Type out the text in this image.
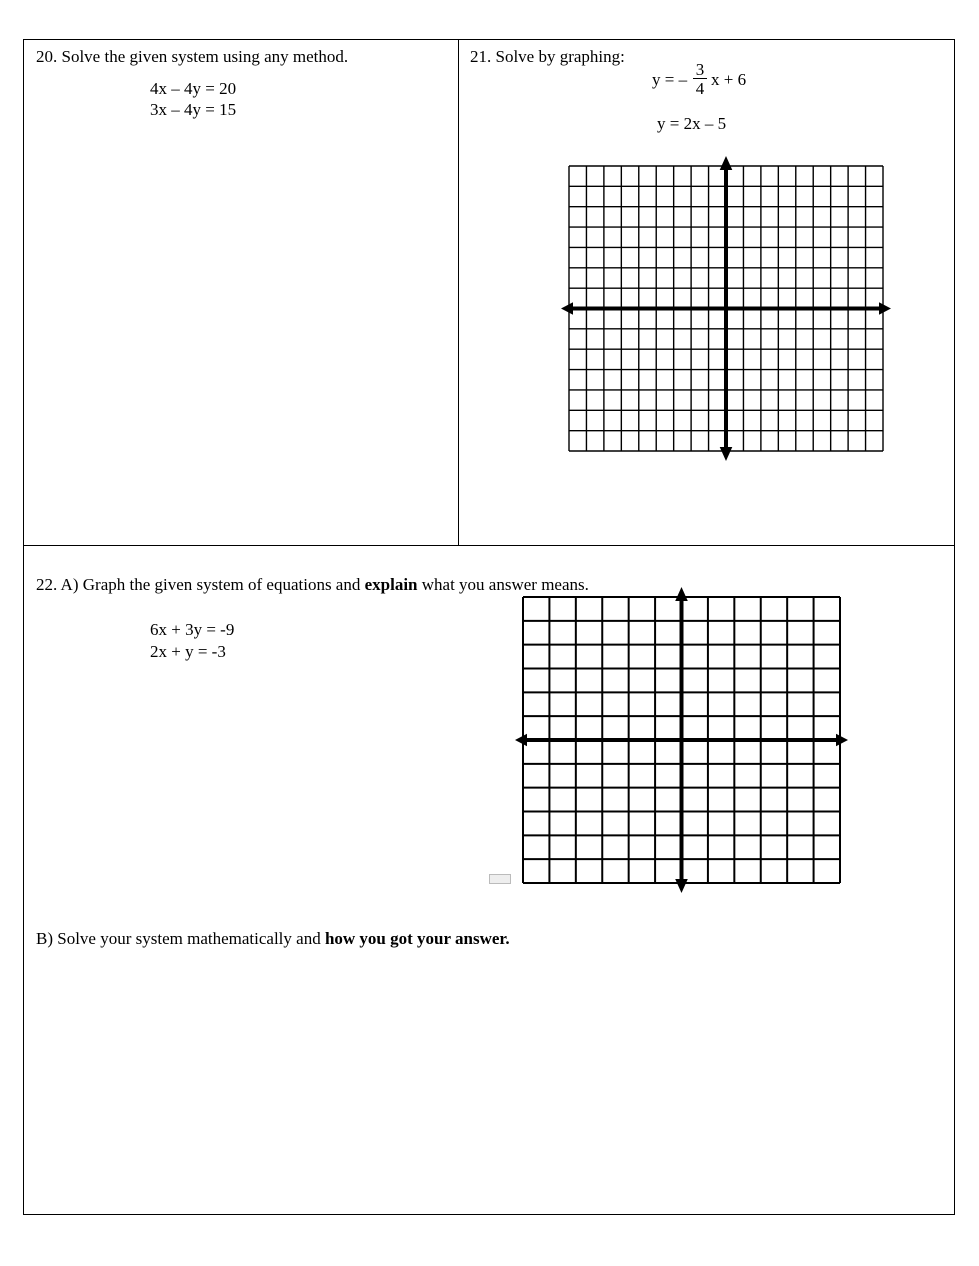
20. Solve the given system using any method.
4x – 4y = 20
3x – 4y = 15
21. Solve by graphing:
y = –
3
4 x + 6
y = 2x – 5
22. A) Graph the given system of equations and explain what you answer means.
6x + 3y = -9
2x + y = -3
B) Solve your system mathematically and how you got your answer.
